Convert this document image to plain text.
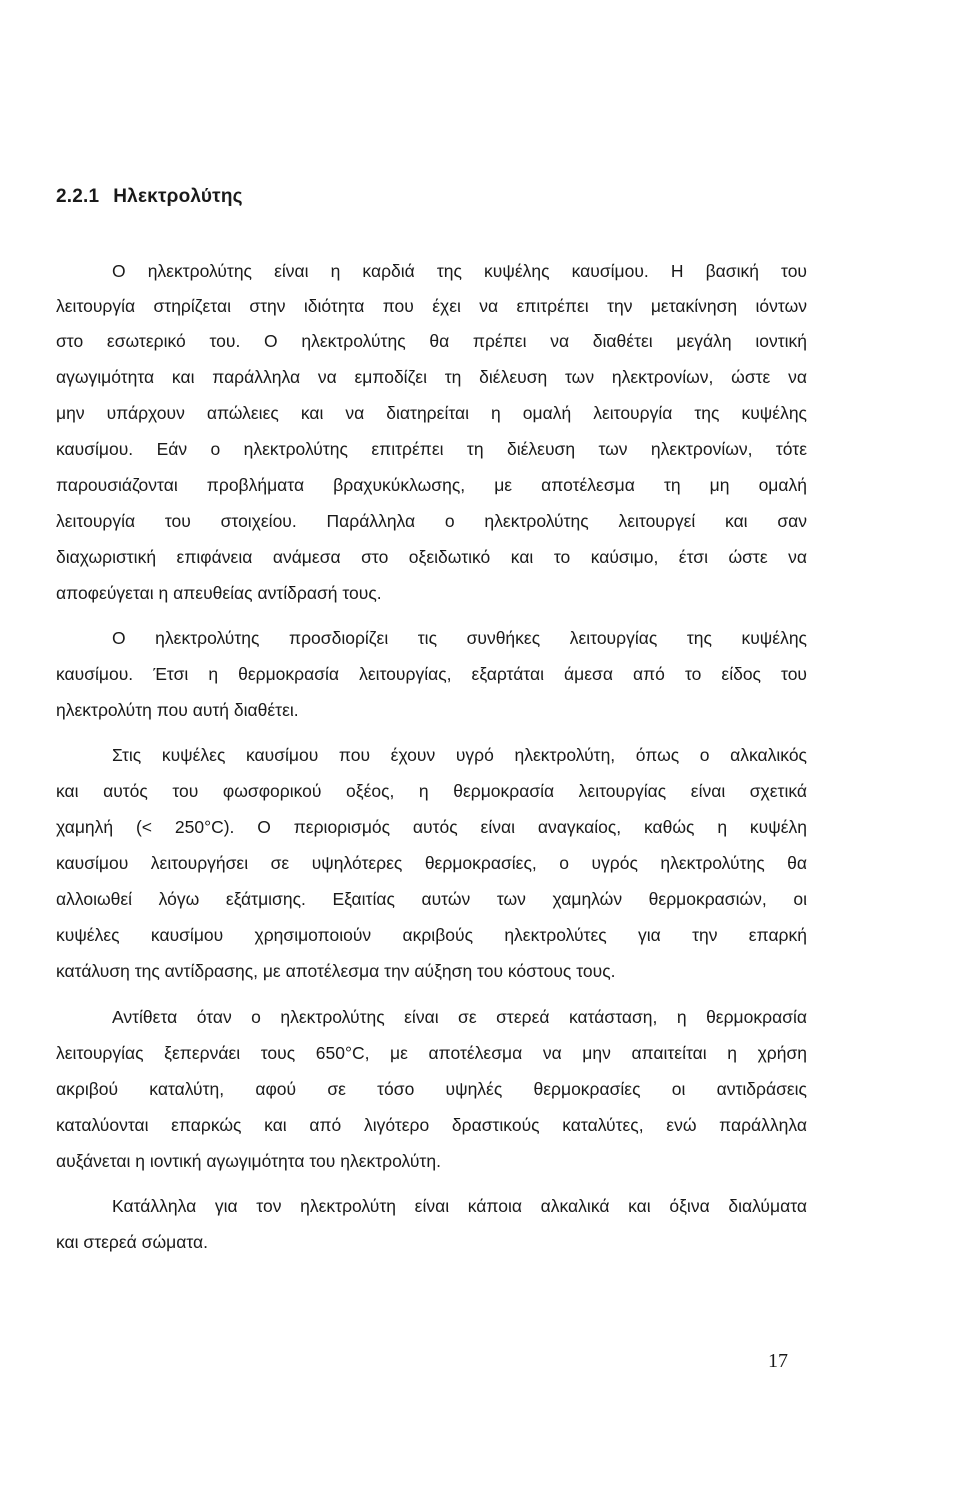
2.2.1 Ηλεκτρολύτης

Ο ηλεκτρολύτης είναι η καρδιά της κυψέλης καυσίμου. Η βασική του

λειτουργία στηρίζεται στην ιδιότητα που έχει να επιτρέπει την μετακίνηση ιόντων

στο εσωτερικό του. Ο ηλεκτρολύτης θα πρέπει να διαθέτει μεγάλη ιοντική

αγωγιμότητα και παράλληλα να εμποδίζει τη διέλευση των ηλεκτρονίων, ώστε να

μην υπάρχουν απώλειες και να διατηρείται η ομαλή λειτουργία της κυψέλης

καυσίμου. Εάν ο ηλεκτρολύτης επιτρέπει τη διέλευση των ηλεκτρονίων, τότε

παρουσιάζονται προβλήματα βραχυκύκλωσης, με αποτέλεσμα τη μη ομαλή

λειτουργία του στοιχείου. Παράλληλα ο ηλεκτρολύτης λειτουργεί και σαν

διαχωριστική επιφάνεια ανάμεσα στο οξειδωτικό και το καύσιμο, έτσι ώστε να

αποφεύγεται η απευθείας αντίδρασή τους.

Ο ηλεκτρολύτης προσδιορίζει τις συνθήκες λειτουργίας της κυψέλης

καυσίμου. Έτσι η θερμοκρασία λειτουργίας, εξαρτάται άμεσα από το είδος του

ηλεκτρολύτη που αυτή διαθέτει.

Στις κυψέλες καυσίμου που έχουν υγρό ηλεκτρολύτη, όπως ο αλκαλικός

και αυτός του φωσφορικού οξέος, η θερμοκρασία λειτουργίας είναι σχετικά

χαμηλή (< 250°C). Ο περιορισμός αυτός είναι αναγκαίος, καθώς η κυψέλη

καυσίμου λειτουργήσει σε υψηλότερες θερμοκρασίες, ο υγρός ηλεκτρολύτης θα

αλλοιωθεί λόγω εξάτμισης. Εξαιτίας αυτών των χαμηλών θερμοκρασιών, οι

κυψέλες καυσίμου χρησιμοποιούν ακριβούς ηλεκτρολύτες για την επαρκή

κατάλυση της αντίδρασης, με αποτέλεσμα την αύξηση του κόστους τους.

Αντίθετα όταν ο ηλεκτρολύτης είναι σε στερεά κατάσταση, η θερμοκρασία

λειτουργίας ξεπερνάει τους 650°C, με αποτέλεσμα να μην απαιτείται η χρήση

ακριβού καταλύτη, αφού σε τόσο υψηλές θερμοκρασίες οι αντιδράσεις

καταλύονται επαρκώς και από λιγότερο δραστικούς καταλύτες, ενώ παράλληλα

αυξάνεται η ιοντική αγωγιμότητα του ηλεκτρολύτη.

Κατάλληλα για τον ηλεκτρολύτη είναι κάποια αλκαλικά και όξινα διαλύματα

και στερεά σώματα.

17
